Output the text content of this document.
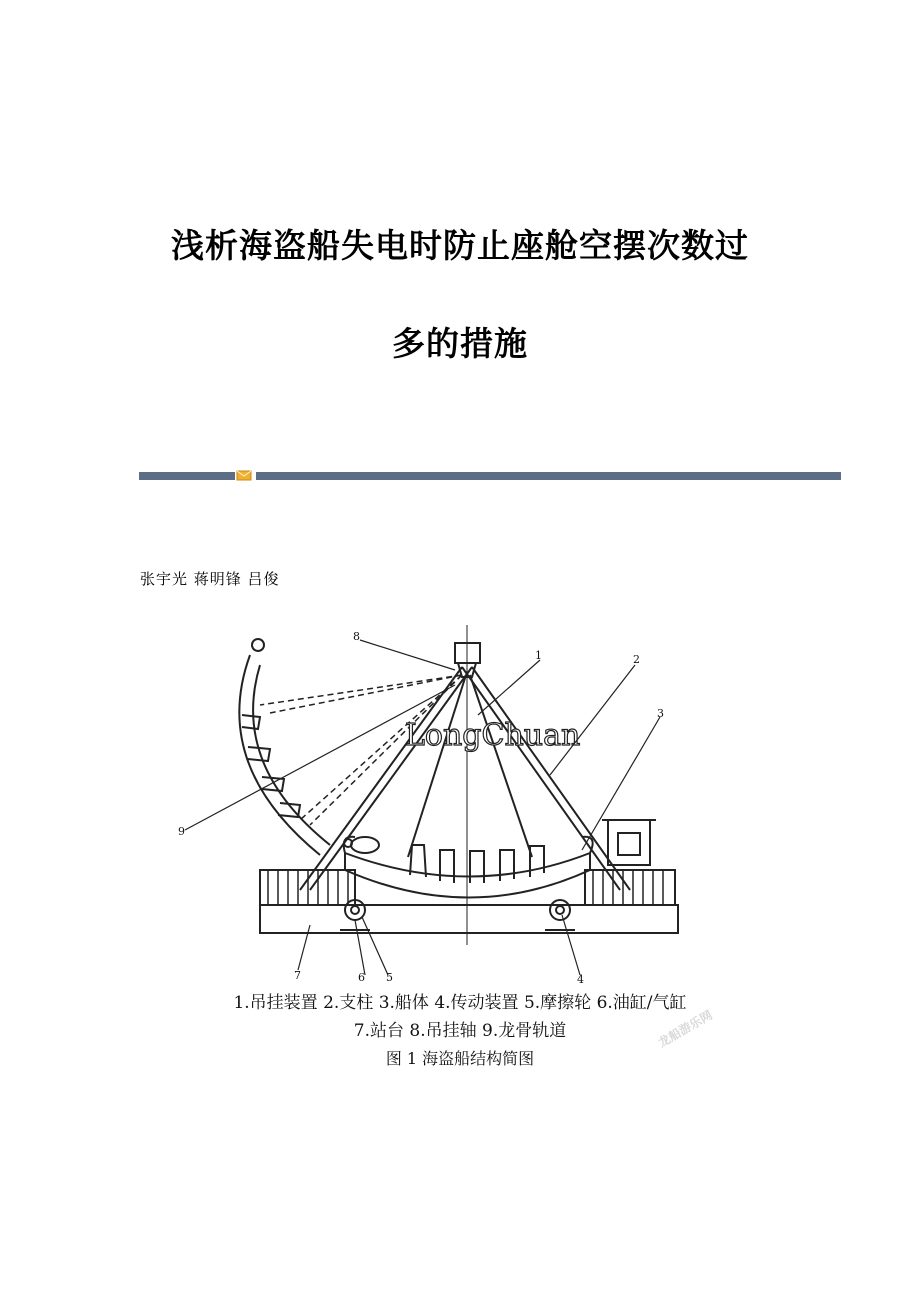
浅析海盗船失电时防止座舱空摆次数过
多的措施
张宇光 蒋明锋 吕俊
LongChuan
1	2
3
4
5
6
7
8
9
1.吊挂装置 2.支柱 3.船体 4.传动装置 5.摩擦轮 6.油缸/气缸
7.站台 8.吊挂轴 9.龙骨轨道
图 1 海盗船结构简图
龙船游乐网
